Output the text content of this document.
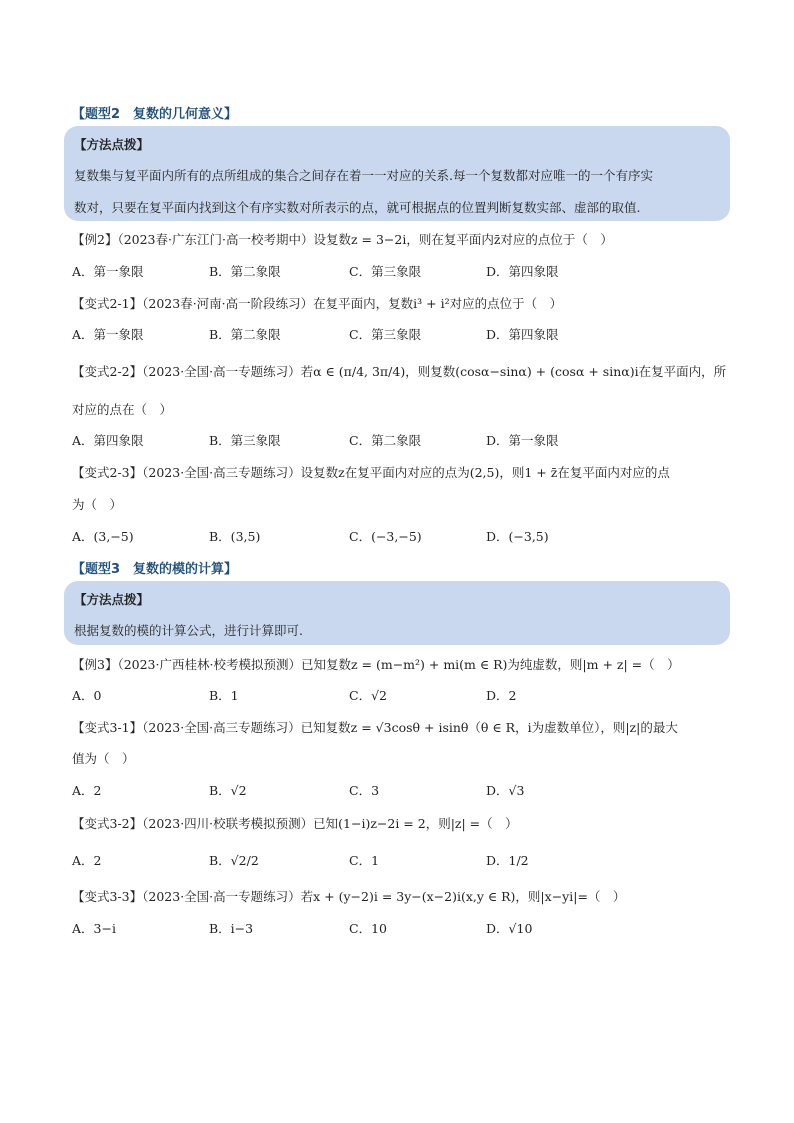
【题型2　复数的几何意义】
【方法点拨】
复数集与复平面内所有的点所组成的集合之间存在着一一对应的关系.每一个复数都对应唯一的一个有序实
数对，只要在复平面内找到这个有序实数对所表示的点，就可根据点的位置判断复数实部、虚部的取值.
【例2】（2023春·广东江门·高一校考期中）设复数z = 3−2i，则在复平面内z̄对应的点位于（　）
A．第一象限	B．第二象限	C．第三象限	D．第四象限
【变式2-1】（2023春·河南·高一阶段练习）在复平面内，复数i³ + i²对应的点位于（　）
A．第一象限	B．第二象限	C．第三象限	D．第四象限
【变式2-2】（2023·全国·高一专题练习）若α ∈ (π/4, 3π/4)，则复数(cosα−sinα) + (cosα + sinα)i在复平面内，所
对应的点在（　）
A．第四象限	B．第三象限	C．第二象限	D．第一象限
【变式2-3】（2023·全国·高三专题练习）设复数z在复平面内对应的点为(2,5)，则1 + z̄在复平面内对应的点
为（　）
A．(3,−5)	B．(3,5)	C．(−3,−5)	D．(−3,5)
【题型3　复数的模的计算】
【方法点拨】
根据复数的模的计算公式，进行计算即可.
【例3】（2023·广西桂林·校考模拟预测）已知复数z = (m−m²) + mi(m ∈ R)为纯虚数，则|m + z| =（　）
A．0	B．1	C．√2	D．2
【变式3-1】（2023·全国·高三专题练习）已知复数z = √3cosθ + isinθ（θ ∈ R，i为虚数单位），则|z|的最大
值为（　）
A．2	B．√2	C．3	D．√3
【变式3-2】（2023·四川·校联考模拟预测）已知(1−i)z−2i = 2，则|z| =（　）
A．2	B．√2/2	C．1	D．1/2
【变式3-3】（2023·全国·高一专题练习）若x + (y−2)i = 3y−(x−2)i(x,y ∈ R)，则|x−yi|=（　）
A．3−i	B．i−3	C．10	D．√10
